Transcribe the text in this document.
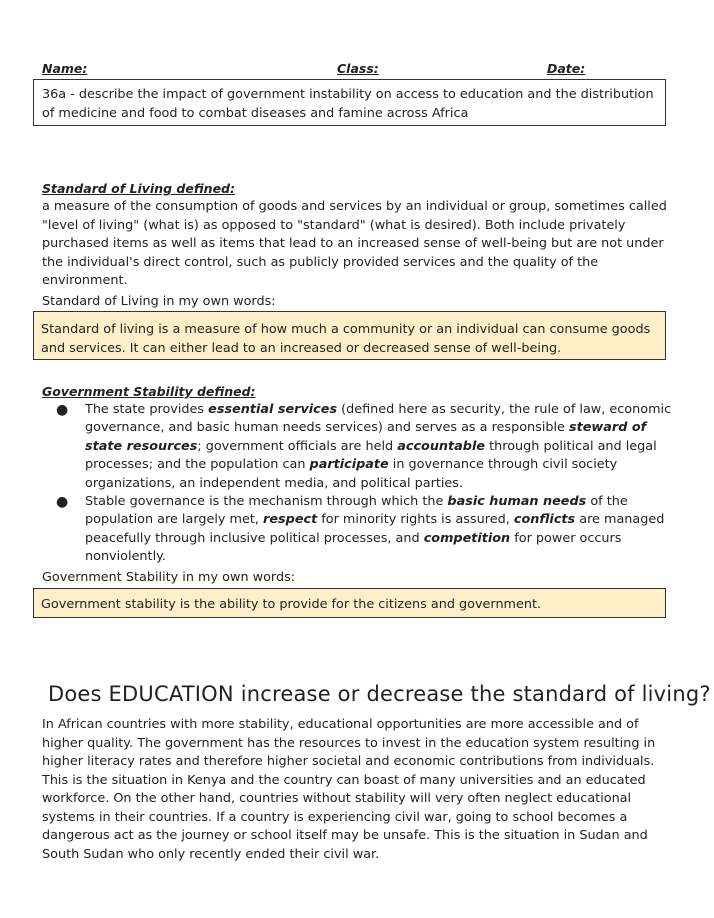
Name:	Class:	Date:

36a - describe the impact of government instability on access to education and the distribution of medicine and food to combat diseases and famine across Africa

Standard of Living defined:

a measure of the consumption of goods and services by an individual or group, sometimes called "level of living" (what is) as opposed to "standard" (what is desired). Both include privately purchased items as well as items that lead to an increased sense of well-being but are not under the individual's direct control, such as publicly provided services and the quality of the environment.

Standard of Living in my own words:

Standard of living is a measure of how much a community or an individual can consume goods and services. It can either lead to an increased or decreased sense of well-being.

Government Stability defined:
● The state provides essential services (defined here as security, the rule of law, economic governance, and basic human needs services) and serves as a responsible steward of state resources; government officials are held accountable through political and legal processes; and the population can participate in governance through civil society organizations, an independent media, and political parties.
● Stable governance is the mechanism through which the basic human needs of the population are largely met, respect for minority rights is assured, conflicts are managed peacefully through inclusive political processes, and competition for power occurs nonviolently.
Government Stability in my own words:

Government stability is the ability to provide for the citizens and government.

Does EDUCATION increase or decrease the standard of living?

In African countries with more stability, educational opportunities are more accessible and of higher quality. The government has the resources to invest in the education system resulting in higher literacy rates and therefore higher societal and economic contributions from individuals. This is the situation in Kenya and the country can boast of many universities and an educated workforce. On the other hand, countries without stability will very often neglect educational systems in their countries. If a country is experiencing civil war, going to school becomes a dangerous act as the journey or school itself may be unsafe. This is the situation in Sudan and South Sudan who only recently ended their civil war.
